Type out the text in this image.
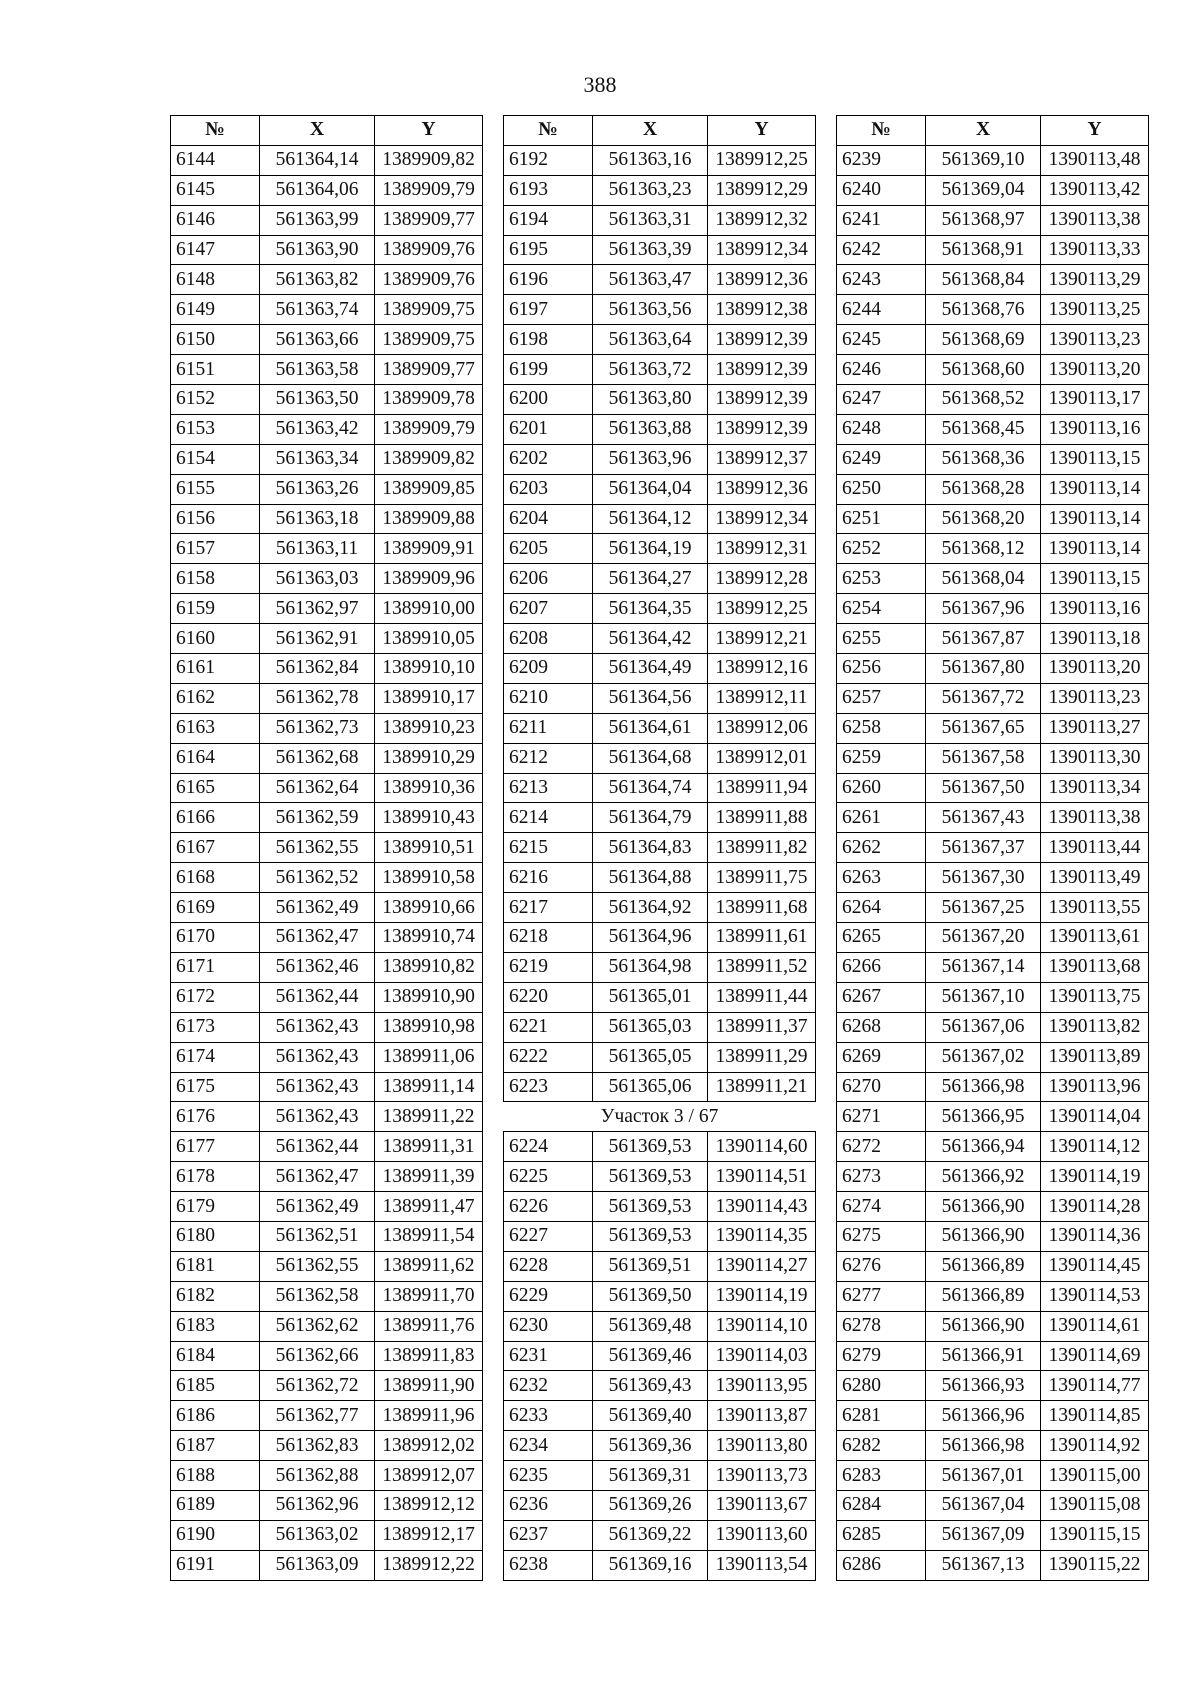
388
№	X	Y
6144	561364,14	1389909,82
6145	561364,06	1389909,79
6146	561363,99	1389909,77
6147	561363,90	1389909,76
6148	561363,82	1389909,76
6149	561363,74	1389909,75
6150	561363,66	1389909,75
6151	561363,58	1389909,77
6152	561363,50	1389909,78
6153	561363,42	1389909,79
6154	561363,34	1389909,82
6155	561363,26	1389909,85
6156	561363,18	1389909,88
6157	561363,11	1389909,91
6158	561363,03	1389909,96
6159	561362,97	1389910,00
6160	561362,91	1389910,05
6161	561362,84	1389910,10
6162	561362,78	1389910,17
6163	561362,73	1389910,23
6164	561362,68	1389910,29
6165	561362,64	1389910,36
6166	561362,59	1389910,43
6167	561362,55	1389910,51
6168	561362,52	1389910,58
6169	561362,49	1389910,66
6170	561362,47	1389910,74
6171	561362,46	1389910,82
6172	561362,44	1389910,90
6173	561362,43	1389910,98
6174	561362,43	1389911,06
6175	561362,43	1389911,14
6176	561362,43	1389911,22
6177	561362,44	1389911,31
6178	561362,47	1389911,39
6179	561362,49	1389911,47
6180	561362,51	1389911,54
6181	561362,55	1389911,62
6182	561362,58	1389911,70
6183	561362,62	1389911,76
6184	561362,66	1389911,83
6185	561362,72	1389911,90
6186	561362,77	1389911,96
6187	561362,83	1389912,02
6188	561362,88	1389912,07
6189	561362,96	1389912,12
6190	561363,02	1389912,17
6191	561363,09	1389912,22
№	X	Y
6192	561363,16	1389912,25
6193	561363,23	1389912,29
6194	561363,31	1389912,32
6195	561363,39	1389912,34
6196	561363,47	1389912,36
6197	561363,56	1389912,38
6198	561363,64	1389912,39
6199	561363,72	1389912,39
6200	561363,80	1389912,39
6201	561363,88	1389912,39
6202	561363,96	1389912,37
6203	561364,04	1389912,36
6204	561364,12	1389912,34
6205	561364,19	1389912,31
6206	561364,27	1389912,28
6207	561364,35	1389912,25
6208	561364,42	1389912,21
6209	561364,49	1389912,16
6210	561364,56	1389912,11
6211	561364,61	1389912,06
6212	561364,68	1389912,01
6213	561364,74	1389911,94
6214	561364,79	1389911,88
6215	561364,83	1389911,82
6216	561364,88	1389911,75
6217	561364,92	1389911,68
6218	561364,96	1389911,61
6219	561364,98	1389911,52
6220	561365,01	1389911,44
6221	561365,03	1389911,37
6222	561365,05	1389911,29
6223	561365,06	1389911,21
Участок 3 / 67		
6224	561369,53	1390114,60
6225	561369,53	1390114,51
6226	561369,53	1390114,43
6227	561369,53	1390114,35
6228	561369,51	1390114,27
6229	561369,50	1390114,19
6230	561369,48	1390114,10
6231	561369,46	1390114,03
6232	561369,43	1390113,95
6233	561369,40	1390113,87
6234	561369,36	1390113,80
6235	561369,31	1390113,73
6236	561369,26	1390113,67
6237	561369,22	1390113,60
6238	561369,16	1390113,54
№	X	Y
6239	561369,10	1390113,48
6240	561369,04	1390113,42
6241	561368,97	1390113,38
6242	561368,91	1390113,33
6243	561368,84	1390113,29
6244	561368,76	1390113,25
6245	561368,69	1390113,23
6246	561368,60	1390113,20
6247	561368,52	1390113,17
6248	561368,45	1390113,16
6249	561368,36	1390113,15
6250	561368,28	1390113,14
6251	561368,20	1390113,14
6252	561368,12	1390113,14
6253	561368,04	1390113,15
6254	561367,96	1390113,16
6255	561367,87	1390113,18
6256	561367,80	1390113,20
6257	561367,72	1390113,23
6258	561367,65	1390113,27
6259	561367,58	1390113,30
6260	561367,50	1390113,34
6261	561367,43	1390113,38
6262	561367,37	1390113,44
6263	561367,30	1390113,49
6264	561367,25	1390113,55
6265	561367,20	1390113,61
6266	561367,14	1390113,68
6267	561367,10	1390113,75
6268	561367,06	1390113,82
6269	561367,02	1390113,89
6270	561366,98	1390113,96
6271	561366,95	1390114,04
6272	561366,94	1390114,12
6273	561366,92	1390114,19
6274	561366,90	1390114,28
6275	561366,90	1390114,36
6276	561366,89	1390114,45
6277	561366,89	1390114,53
6278	561366,90	1390114,61
6279	561366,91	1390114,69
6280	561366,93	1390114,77
6281	561366,96	1390114,85
6282	561366,98	1390114,92
6283	561367,01	1390115,00
6284	561367,04	1390115,08
6285	561367,09	1390115,15
6286	561367,13	1390115,22
